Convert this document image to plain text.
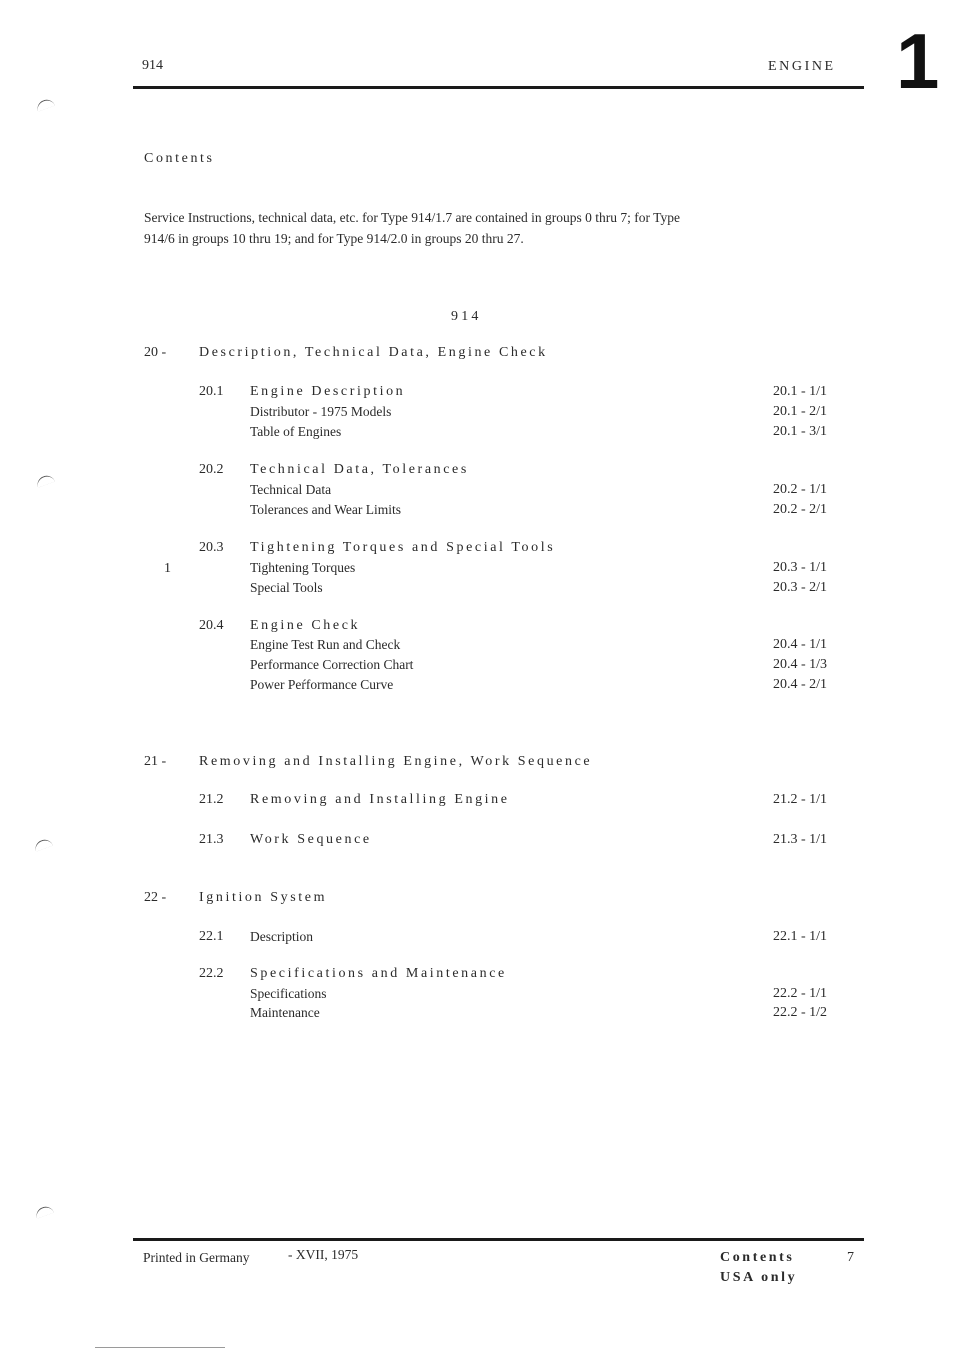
914	ENGINE 1
Contents
Service Instructions, technical data, etc. for Type 914/1.7 are contained in groups 0 thru 7; for Type
914/6 in groups 10 thru 19; and for Type 914/2.0 in groups 20 thru 27.
914
20 - Description, Technical Data, Engine Check
20.1 Engine Description	20.1 - 1/1
Distributor - 1975 Models	20.1 - 2/1
Table of Engines	20.1 - 3/1
20.2 Technical Data, Tolerances
Technical Data	20.2 - 1/1
Tolerances and Wear Limits	20.2 - 2/1
20.3 Tightening Torques and Special Tools
1	Tightening Torques	20.3 - 1/1
Special Tools	20.3 - 2/1
20.4 Engine Check
Engine Test Run and Check	20.4 - 1/1
Performance Correction Chart	20.4 - 1/3
Power Peŕformance Curve	20.4 - 2/1
21 - Removing and Installing Engine, Work Sequence
21.2 Removing and Installing Engine	21.2 - 1/1
21.3 Work Sequence	21.3 - 1/1
22 - Ignition System
22.1 Description	22.1 - 1/1
22.2 Specifications and Maintenance
Specifications	22.2 - 1/1
Maintenance	22.2 - 1/2
Printed in Germany	- XVII, 1975	Contents	7
USA only
